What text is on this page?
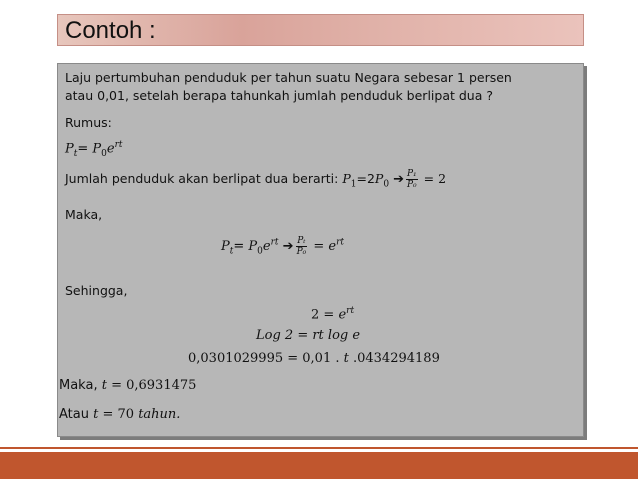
Contoh :
Laju pertumbuhan penduduk per tahun suatu Negara sebesar 1 persen
atau 0,01, setelah berapa tahunkah jumlah penduduk berlipat dua ?
Rumus:
$P_t= P_0e^{rt}$
Jumlah penduduk akan berlipat dua berarti: $P_1=2P_0$ ➔ $\frac{\text{P₁}}{\text{P₀}} = 2$
Maka,
$P_t= P_0e^{rt}$ ➔ $\frac{\text{Pₜ}}{\text{P₀}} = e^{rt}$
Sehingga,
$2 = e^{rt}$
Log 2 = rt log e
0,0301029995 = 0,01 . t .0434294189
Maka, t = 0,6931475
Atau t = 70 tahun.
